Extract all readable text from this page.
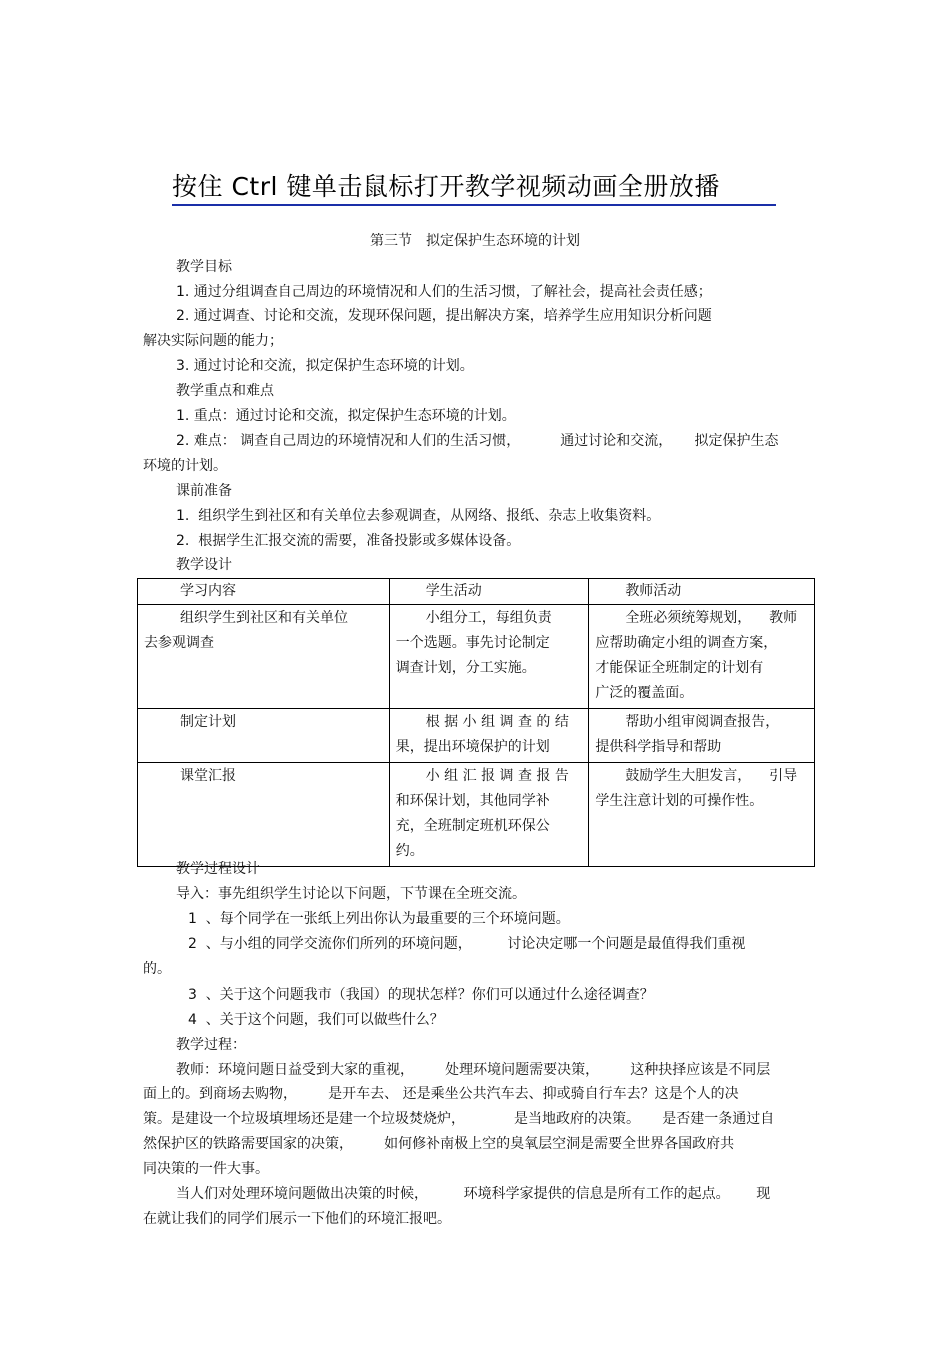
按住 Ctrl 键单击鼠标打开教学视频动画全册放播
第三节　拟定保护生态环境的计划
教学目标
1. 通过分组调查自己周边的环境情况和人们的生活习惯，了解社会，提高社会责任感；
2. 通过调查、讨论和交流，发现环保问题，提出解决方案，培养学生应用知识分析问题
解决实际问题的能力；
3. 通过讨论和交流，拟定保护生态环境的计划。
教学重点和难点
1. 重点：通过讨论和交流，拟定保护生态环境的计划。
2. 难点： 调查自己周边的环境情况和人们的生活习惯，         通过讨论和交流，     拟定保护生态
环境的计划。
课前准备
1.  组织学生到社区和有关单位去参观调查，从网络、报纸、杂志上收集资料。
2.  根据学生汇报交流的需要，准备投影或多媒体设备。
教学设计
学习内容	学生活动	教师活动

组织学生到社区和有关单位
去参观调查	小组分工，每组负责
一个选题。事先讨论制定
调查计划，分工实施。	全班必须统筹规划，    教师
应帮助确定小组的调查方案，
才能保证全班制定的计划有
广泛的覆盖面。

制定计划	根 据 小 组 调 查 的 结
果，提出环境保护的计划	帮助小组审阅调查报告，
提供科学指导和帮助

课堂汇报	小 组 汇 报 调 查 报 告
和环保计划，其他同学补
充，全班制定班机环保公
约。	鼓励学生大胆发言，    引导
学生注意计划的可操作性。
教学过程设计
导入：事先组织学生讨论以下问题，下节课在全班交流。
1  、每个同学在一张纸上列出你认为最重要的三个环境问题。
2  、与小组的同学交流你们所列的环境问题，        讨论决定哪一个问题是最值得我们重视
的。
3  、关于这个问题我市（我国）的现状怎样？你们可以通过什么途径调查？
4  、关于这个问题，我们可以做些什么？
教学过程：
教师：环境问题日益受到大家的重视，       处理环境问题需要决策，       这种抉择应该是不同层
面上的。到商场去购物，       是开车去、 还是乘坐公共汽车去、抑或骑自行车去？这是个人的决
策。是建设一个垃圾填埋场还是建一个垃圾焚烧炉，           是当地政府的决策。     是否建一条通过自
然保护区的铁路需要国家的决策，       如何修补南极上空的臭氧层空洞是需要全世界各国政府共
同决策的一件大事。
当人们对处理环境问题做出决策的时候，        环境科学家提供的信息是所有工作的起点。      现
在就让我们的同学们展示一下他们的环境汇报吧。
